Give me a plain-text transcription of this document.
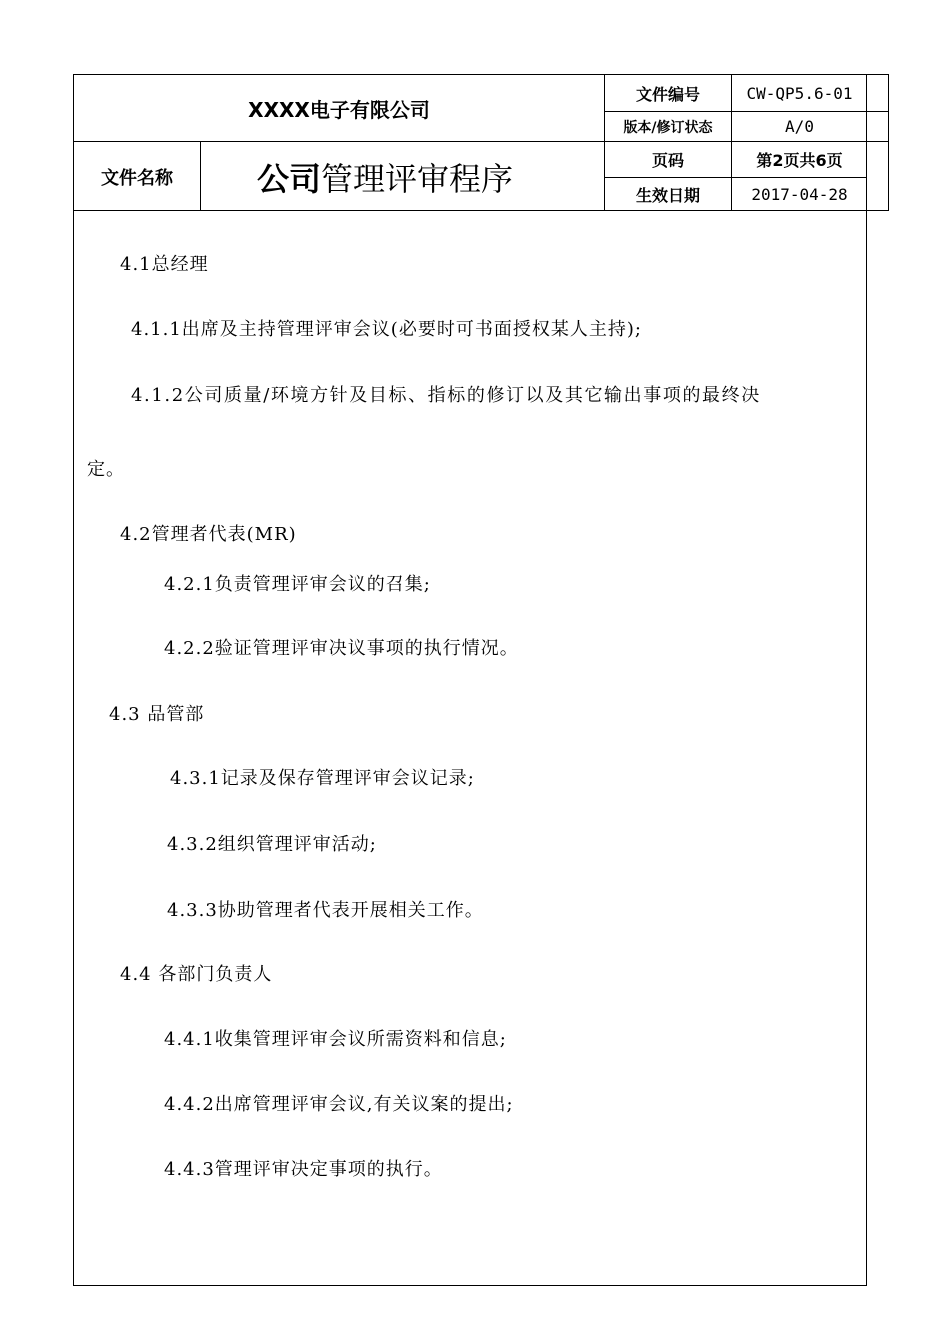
XXXX电子有限公司
文件编号	CW-QP5.6-01
版本/修订状态	A/0
文件名称	公司 管理评审程序	页码	第2页共6页
生效日期	2017-04-28
4.1总经理
4.1.1出席及主持管理评审会议(必要时可书面授权某人主持);
4.1.2公司质量/环境方针及目标、指标的修订以及其它输出事项的最终决
定。
4.2管理者代表(MR)
4.2.1负责管理评审会议的召集;
4.2.2验证管理评审决议事项的执行情况。
4.3 品管部
4.3.1记录及保存管理评审会议记录;
4.3.2组织管理评审活动;
4.3.3协助管理者代表开展相关工作。
4.4 各部门负责人
4.4.1收集管理评审会议所需资料和信息;
4.4.2出席管理评审会议,有关议案的提出;
4.4.3管理评审决定事项的执行。
